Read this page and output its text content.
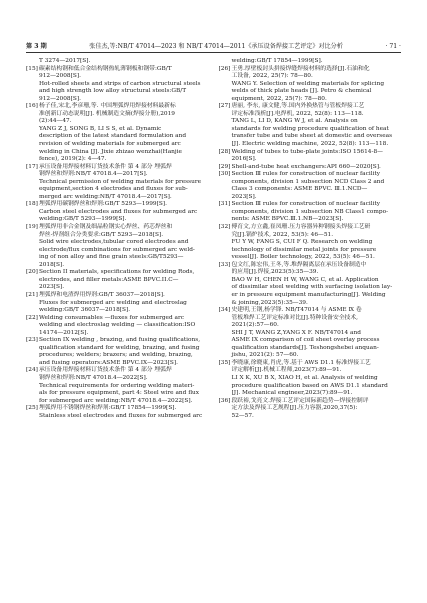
第 3 期	张佳杰,等:NB/T 47014—2023 和 NB/T 47014—2011《承压设备焊接工艺评定》对比分析	· 71 ·
T 3274—2017[S].
[15] 碳素结构钢和低合金结构钢热轧薄钢板和钢带:GB/T
912—2008[S].
Hot-rolled sheets and strips of carbon structural steels
and high strength low alloy structural steels:GB/T
912—2008[S].
[16] 杨子佳,宋北,李彦珊,等. 中国埋弧焊用焊接材料最新标
准创新订动态说明[J]. 机械制造文摘(焊接分册),2019
(2):44—47.
YANG Z J, SONG B, LI S S, et al. Dynamic
description of the latest standard formulation and
revision of welding materials for submerged arc
welding in China [J]. Jixie zhizao wenzhai(Hanjie
fence), 2019(2): 4—47.
[17] 承压设备用焊接材料订货技术条件 第 4 部分 埋弧焊
钢焊丝和焊剂:NB/T 47018.4—2017[S].
Technical permission of welding materials for pressure
equipment,section 4 electrodes and fluxes for sub-
merged arc welding:NB/T 47018.4—2017[S].
[18] 埋弧焊用碳钢焊丝和焊剂:GB/T 5293—1999[S].
Carbon steel electrodes and fluxes for submerged arc
welding:GB/T 5293—1999[S].
[19] 埋弧焊用非合金钢及细晶粒钢实心焊丝、药芯焊丝和
焊丝-焊剂组合分类要求:GB/T 5293—2018[S].
Solid wire electrodes,tubular cored electrodes and
electrode/flux combinations for submerged arc weld-
ing of non alloy and fine grain steels:GB/T5293—
2018[S].
[20] Section II materials, specifications for welding Rods,
electrodes, and filler metals:ASME BPVC.II.C—
2023[S].
[21] 埋弧焊和电渣焊用焊剂:GB/T 36037—2018[S].
Fluxes for submerged arc welding and electroslag
welding:GB/T 36037—2018[S].
[22] Welding consumables —fluxes for submerged arc
welding and electroslag welding — classification:ISO
14174—2012[S].
[23] Section IX welding , brazing, and fusing qualifications,
qualification standard for welding, brazing, and fusing
procedures; welders; brazers; and welding, brazing,
and fusing operators:ASME BPVC.IX—2023[S].
[24] 承压设备用焊接材料订货技术条件 第 4 部分 埋弧焊
钢焊丝和焊剂:NB/T 47018.4—2022[S].
Technical requirements for ordering welding materi-
als for pressure equipment, part 4: Steel wire and flux
for submerged arc welding:NB/T 47018.4—2022[S].
[25] 埋弧焊用不锈钢焊丝和焊剂:GB/T 17854—1999[S].
Stainless steel electrodes and fluxes for submerged arc
welding:GB/T 17854—1999[S].
[26] 王勇.厚壁板封头拼接焊缝焊接材料的选择[J].石油和化
工设备, 2022, 25(7): 78—80.
WANG Y. Selection of welding materials for splicing
welds of thick plate heads [J]. Petro & chemical
equipment, 2022, 25(7): 78—80.
[27] 唐丽, 李东, 康文健,等.国内外换热管与管板焊接工艺
评定标准浅析[J].电焊机, 2022, 52(8): 113—118.
TANG L, LI D, KANG W J, et al. Analysis on
standards for welding procedure qualification of heat
transfer tube and tube sheet at domestic and overseas
[J]. Electric welding machine, 2022, 52(8): 113—118.
[28] Welding of tubes to tube-plate joints:ISO 15614-8—
2016[S].
[29] Shell-and-tube heat exchangers:API 660—2020[S].
[30] Section Ⅲ rules for construction of nuclear facility
components, division 1 subsection NCD Class 2 and
Class 3 components: ASME BPVC. Ⅲ.1.NCD—
2023[S].
[31] Section Ⅲ rules for construction of nuclear facility
components, division 1 subsection NB Class1 compo-
nents: ASME BPVC.Ⅲ.1.NB—2023[S].
[32] 傅育文,方立鑫,崔凤珊.压力容器异种钢接头焊接工艺研
究[J].锅炉技术, 2022, 53(5): 46—51.
FU Y W, FANG S, CUI F Q. Research on welding
technology of dissimilar metal joints for pressure
vessel[J]. Boiler technology, 2022, 53(5): 46—51.
[33] 包文红,陈宏伟,王冬,等.堆焊隔离层在承压设备制造中
的应用[J].焊接,2023(5):35—39.
BAO W H, CHEN H W, WANG C, et al. Application
of dissimilar steel welding with surfacing isolation lay-
er in pressure equipment manufacturing[J]. Welding
& joining,2023(5):35—39.
[34] 史建明,王钢,杨学锋. NB/T47014 与 ASME Ⅸ 卷
管板堆焊工艺评定标准对比[J].特种设备安全技术,
2021(2):57—60.
SHI J T, WANG Z,YANG X F. NB/T47014 and
ASME IX comparison of coil sheet overlay process
qualification standards[J]. Teshongshebei anquan-
jishu, 2021(2): 57—60.
[35] 李晓康,徐晓東,肖虎,等.基于 AWS D1.1 标准焊接工艺
评定解析[J].机械工程师,2023(7):89—91.
LI X K, XU B X, XIAO H, et al. Analysis of welding
procedure qualification based on AWS D1.1 standard
[J]. Mechanical engineer,2023(7):89—91.
[36] 段跃裕,戈亮文.焊接工艺评定国际新趋势—焊接控制评
定方法及焊接工艺规程[J].压力容器,2020,37(5):
52—57.
